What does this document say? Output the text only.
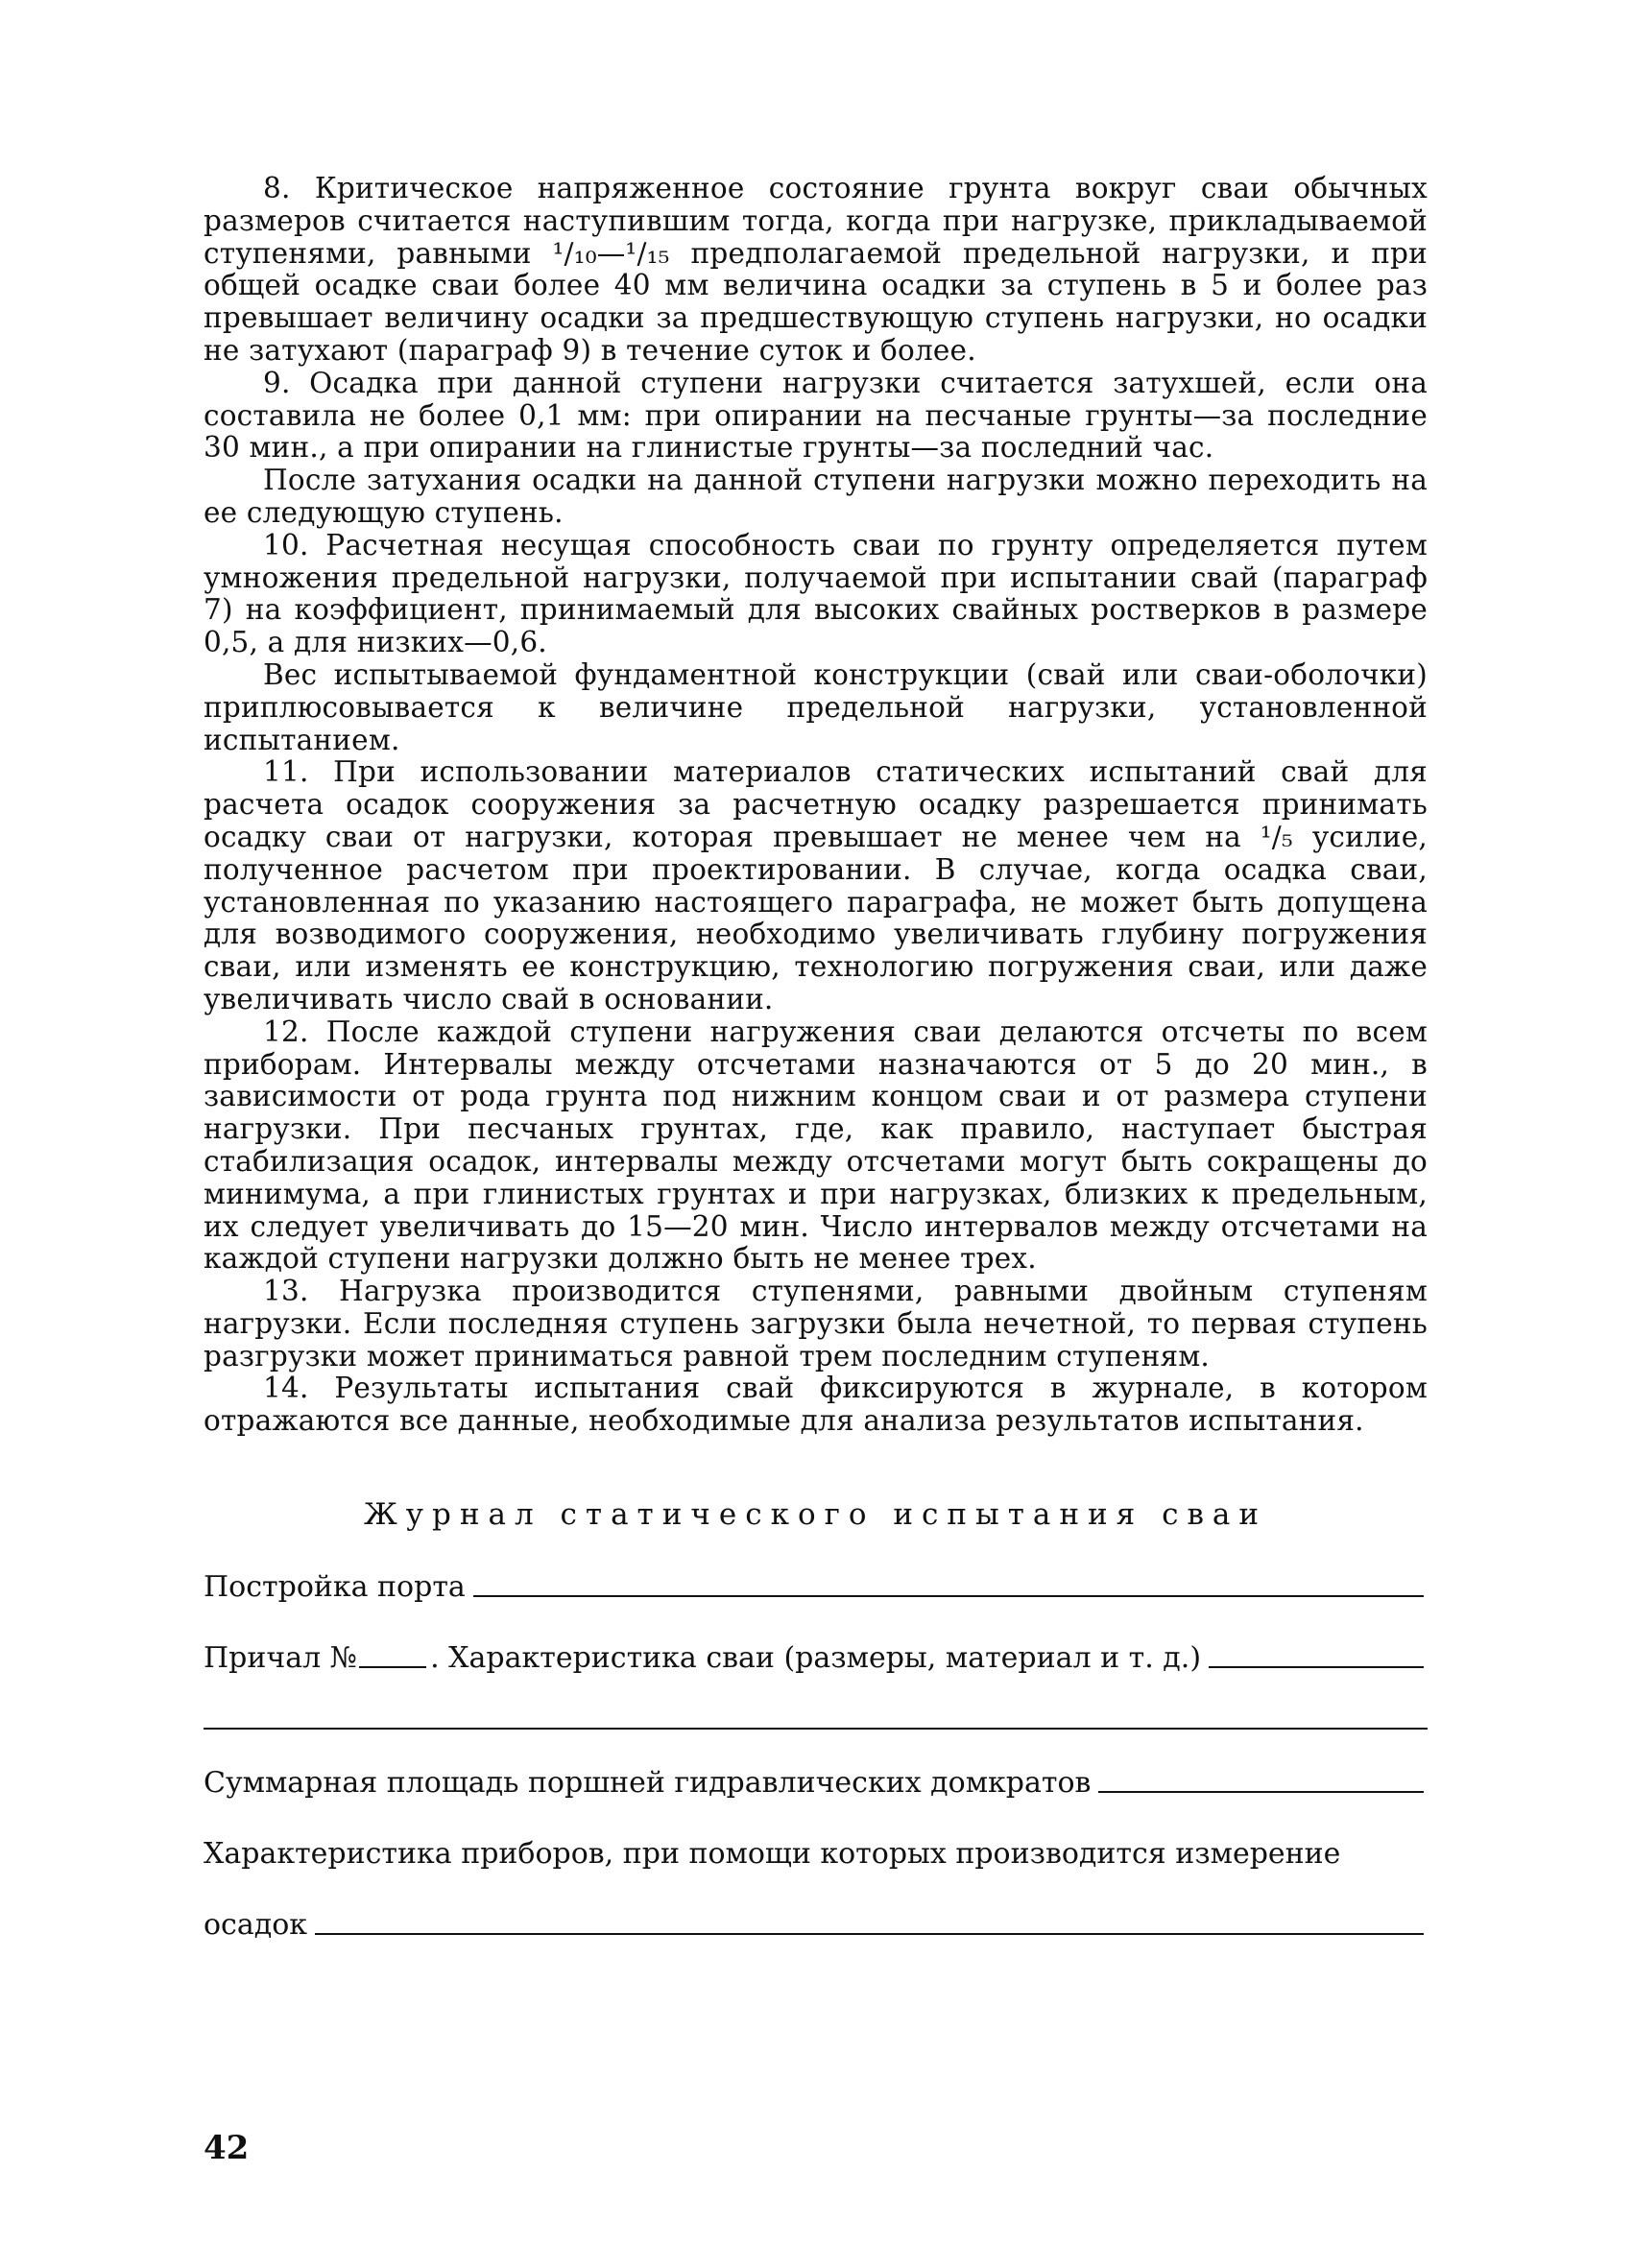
8. Критическое напряженное состояние грунта вокруг сваи обычных размеров считается наступившим тогда, когда при нагрузке, прикладываемой ступенями, равными ¹/₁₀—¹/₁₅ предполагаемой предельной нагрузки, и при общей осадке сваи более 40 мм величина осадки за ступень в 5 и более раз превышает величину осадки за предшествующую ступень нагрузки, но осадки не затухают (параграф 9) в течение суток и более.

9. Осадка при данной ступени нагрузки считается затухшей, если она составила не более 0,1 мм: при опирании на песчаные грунты—за последние 30 мин., а при опирании на глинистые грунты—за последний час.

После затухания осадки на данной ступени нагрузки можно переходить на ее следующую ступень.

10. Расчетная несущая способность сваи по грунту определяется путем умножения предельной нагрузки, получаемой при испытании свай (параграф 7) на коэффициент, принимаемый для высоких свайных ростверков в размере 0,5, а для низких—0,6.

Вес испытываемой фундаментной конструкции (свай или сваи-оболочки) приплюсовывается к величине предельной нагрузки, установленной испытанием.

11. При использовании материалов статических испытаний свай для расчета осадок сооружения за расчетную осадку разрешается принимать осадку сваи от нагрузки, которая превышает не менее чем на ¹/₅ усилие, полученное расчетом при проектировании. В случае, когда осадка сваи, установленная по указанию настоящего параграфа, не может быть допущена для возводимого сооружения, необходимо увеличивать глубину погружения сваи, или изменять ее конструкцию, технологию погружения сваи, или даже увеличивать число свай в основании.

12. После каждой ступени нагружения сваи делаются отсчеты по всем приборам. Интервалы между отсчетами назначаются от 5 до 20 мин., в зависимости от рода грунта под нижним концом сваи и от размера ступени нагрузки. При песчаных грунтах, где, как правило, наступает быстрая стабилизация осадок, интервалы между отсчетами могут быть сокращены до минимума, а при глинистых грунтах и при нагрузках, близких к предельным, их следует увеличивать до 15—20 мин. Число интервалов между отсчетами на каждой ступени нагрузки должно быть не менее трех.

13. Нагрузка производится ступенями, равными двойным ступеням нагрузки. Если последняя ступень загрузки была нечетной, то первая ступень разгрузки может приниматься равной трем последним ступеням.

14. Результаты испытания свай фиксируются в журнале, в котором отражаются все данные, необходимые для анализа результатов испытания.

Журнал статического испытания сваи
Постройка порта
Причал №	. Характеристика сваи (размеры, материал и т. д.)
Суммарная площадь поршней гидравлических домкратов
Характеристика приборов, при помощи которых производится измерение
осадок
42
